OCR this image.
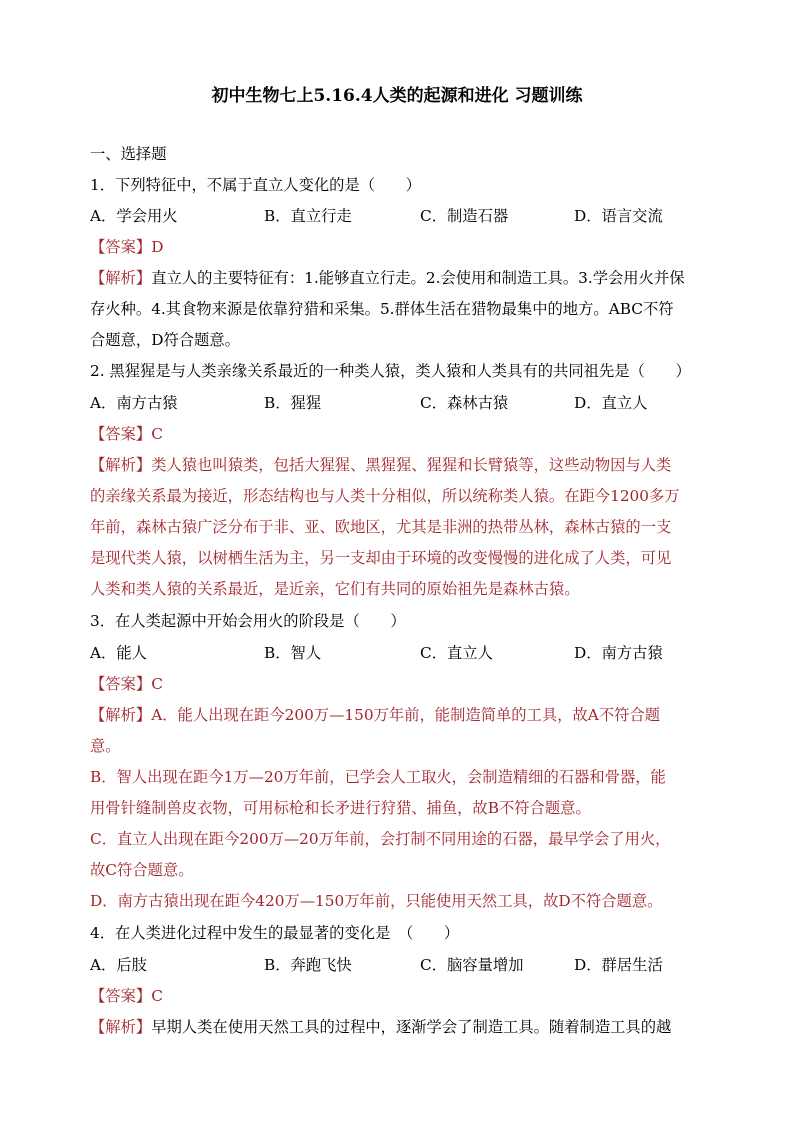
初中生物七上5.16.4人类的起源和进化 习题训练
一、选择题
1．下列特征中，不属于直立人变化的是（　　）
A．学会用火	B．直立行走	C．制造石器	D．语言交流
【答案】D
【解析】直立人的主要特征有：1.能够直立行走。2.会使用和制造工具。3.学会用火并保
存火种。4.其食物来源是依靠狩猎和采集。5.群体生活在猎物最集中的地方。ABC不符
合题意，D符合题意。
2. 黑猩猩是与人类亲缘关系最近的一种类人猿，类人猿和人类具有的共同祖先是（　　）
A．南方古猿	B．猩猩	C．森林古猿	D．直立人
【答案】C
【解析】类人猿也叫猿类，包括大猩猩、黑猩猩、猩猩和长臂猿等，这些动物因与人类
的亲缘关系最为接近，形态结构也与人类十分相似，所以统称类人猿。在距今1200多万
年前，森林古猿广泛分布于非、亚、欧地区，尤其是非洲的热带丛林，森林古猿的一支
是现代类人猿，以树栖生活为主，另一支却由于环境的改变慢慢的进化成了人类，可见
人类和类人猿的关系最近，是近亲，它们有共同的原始祖先是森林古猿。
3．在人类起源中开始会用火的阶段是（　　）
A．能人	B．智人	C．直立人	D．南方古猿
【答案】C
【解析】A．能人出现在距今200万—150万年前，能制造简单的工具，故A不符合题
意。
B．智人出现在距今1万—20万年前，已学会人工取火，会制造精细的石器和骨器，能
用骨针缝制兽皮衣物，可用标枪和长矛进行狩猎、捕鱼，故B不符合题意。
C．直立人出现在距今200万—20万年前，会打制不同用途的石器，最早学会了用火，
故C符合题意。
D．南方古猿出现在距今420万—150万年前，只能使用天然工具，故D不符合题意。
4．在人类进化过程中发生的最显著的变化是　（　　）
A．后肢	B．奔跑飞快	C．脑容量增加	D．群居生活
【答案】C
【解析】早期人类在使用天然工具的过程中，逐渐学会了制造工具。随着制造工具的越
